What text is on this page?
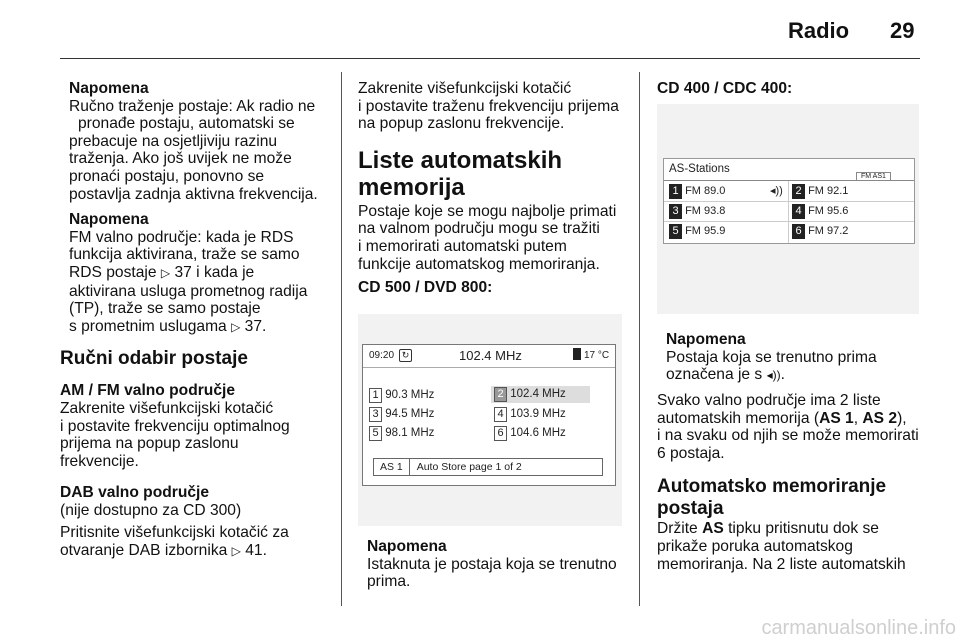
Radio 29

Napomena

Ručno traženje postaje: Ak radio ne

pronađe postaju, automatski se

prebacuje na osjetljiviju razinu

traženja. Ako još uvijek ne može

pronaći postaju, ponovno se

postavlja zadnja aktivna frekvencija.

Napomena

FM valno područje: kada je RDS

funkcija aktivirana, traže se samo

RDS postaje ▷ 37 i kada je

aktivirana usluga prometnog radija

(TP), traže se samo postaje

s prometnim uslugama ▷ 37.

Ručni odabir postaje

AM / FM valno područje

Zakrenite višefunkcijski kotačić

i postavite frekvenciju optimalnog

prijema na popup zaslonu

frekvencije.

DAB valno područje

(nije dostupno za CD 300)

Pritisnite višefunkcijski kotačić za

otvaranje DAB izbornika ▷ 41.

Zakrenite višefunkcijski kotačić

i postavite traženu frekvenciju prijema

na popup zaslonu frekvencije.

Liste automatskih

memorija

Postaje koje se mogu najbolje primati

na valnom području mogu se tražiti

i memorirati automatski putem

funkcije automatskog memoriranja.

CD 500 / DVD 800:

09:20 ↻	102.4 MHz	17 °C
1 90.3 MHz	2 102.4 MHz
3 94.5 MHz	4 103.9 MHz
5 98.1 MHz	6 104.6 MHz
AS 1 Auto Store page 1 of 2

Napomena

Istaknuta je postaja koja se trenutno

prima.

CD 400 / CDC 400:

AS-Stations
FM AS1
1 FM 89.0	◂))	2 FM 92.1
3 FM 93.8	4 FM 95.6
5 FM 95.9	6 FM 97.2

Napomena

Postaja koja se trenutno prima

označena je s ◂)).

Svako valno područje ima 2 liste

automatskih memorija (AS 1, AS 2),

i na svaku od njih se može memorirati

6 postaja.

Automatsko memoriranje

postaja

Držite AS tipku pritisnutu dok se

prikaže poruka automatskog

memoriranja. Na 2 liste automatskih

carmanualsonline.info
